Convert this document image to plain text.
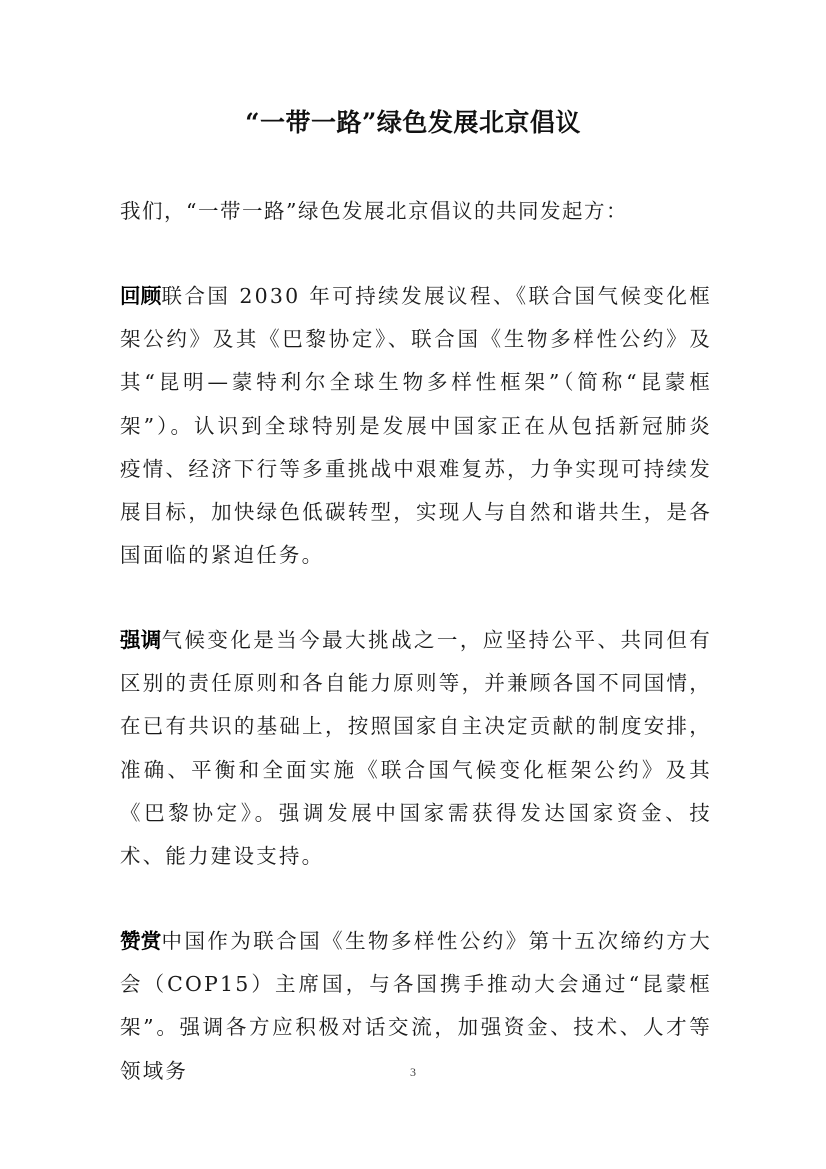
“一带一路”绿色发展北京倡议
我们，“一带一路”绿色发展北京倡议的共同发起方：
回顾联合国 2030 年可持续发展议程、《联合国气候变化框架公约》及其《巴黎协定》、联合国《生物多样性公约》及其“昆明—蒙特利尔全球生物多样性框架”（简称“昆蒙框架”）。认识到全球特别是发展中国家正在从包括新冠肺炎疫情、经济下行等多重挑战中艰难复苏，力争实现可持续发展目标，加快绿色低碳转型，实现人与自然和谐共生，是各国面临的紧迫任务。
强调气候变化是当今最大挑战之一，应坚持公平、共同但有区别的责任原则和各自能力原则等，并兼顾各国不同国情，在已有共识的基础上，按照国家自主决定贡献的制度安排，准确、平衡和全面实施《联合国气候变化框架公约》及其《巴黎协定》。强调发展中国家需获得发达国家资金、技术、能力建设支持。
赞赏中国作为联合国《生物多样性公约》第十五次缔约方大会（COP15）主席国，与各国携手推动大会通过“昆蒙框架”。强调各方应积极对话交流，加强资金、技术、人才等领域务	3
